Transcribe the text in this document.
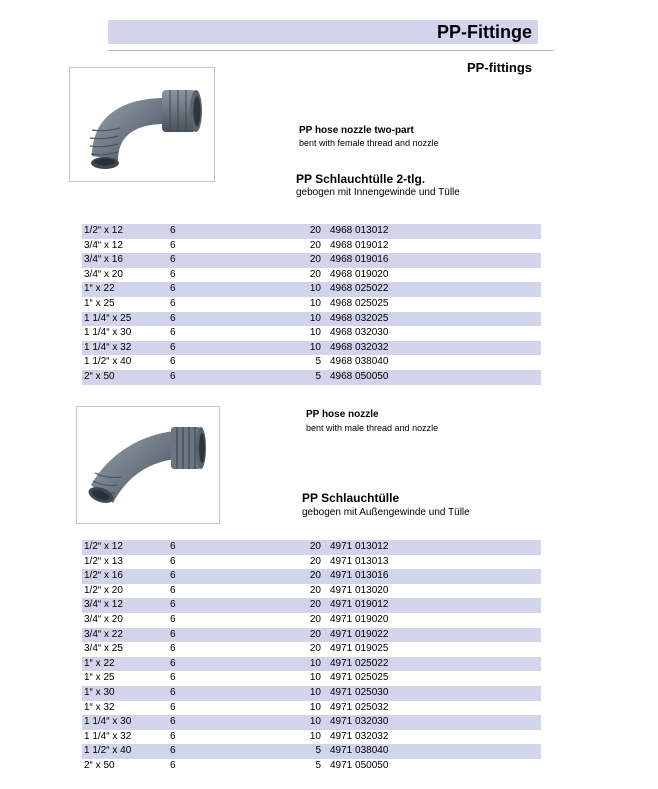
PP-Fittinge
PP-fittings
PP hose nozzle two-part
bent with female thread and nozzle
PP Schlauchtülle 2-tlg.
gebogen mit Innengewinde und Tülle
1/2“ x 12	6	20 4968 013012
3/4“ x 12	6	20 4968 019012
3/4“ x 16	6	20 4968 019016
3/4“ x 20	6	20 4968 019020
1“ x 22	6	10 4968 025022
1“ x 25	6	10 4968 025025
1 1/4“ x 25	6	10 4968 032025
1 1/4“ x 30	6	10 4968 032030
1 1/4“ x 32	6	10 4968 032032
1 1/2“ x 40	6	5 4968 038040
2“ x 50	6	5 4968 050050
PP hose nozzle
bent with male thread and nozzle
PP Schlauchtülle
gebogen mit Außengewinde und Tülle
1/2“ x 12	6	20 4971 013012
1/2“ x 13	6	20 4971 013013
1/2“ x 16	6	20 4971 013016
1/2“ x 20	6	20 4971 013020
3/4“ x 12	6	20 4971 019012
3/4“ x 20	6	20 4971 019020
3/4“ x 22	6	20 4971 019022
3/4“ x 25	6	20 4971 019025
1“ x 22	6	10 4971 025022
1“ x 25	6	10 4971 025025
1“ x 30	6	10 4971 025030
1“ x 32	6	10 4971 025032
1 1/4“ x 30	6	10 4971 032030
1 1/4“ x 32	6	10 4971 032032
1 1/2“ x 40	6	5 4971 038040
2“ x 50	6	5 4971 050050
